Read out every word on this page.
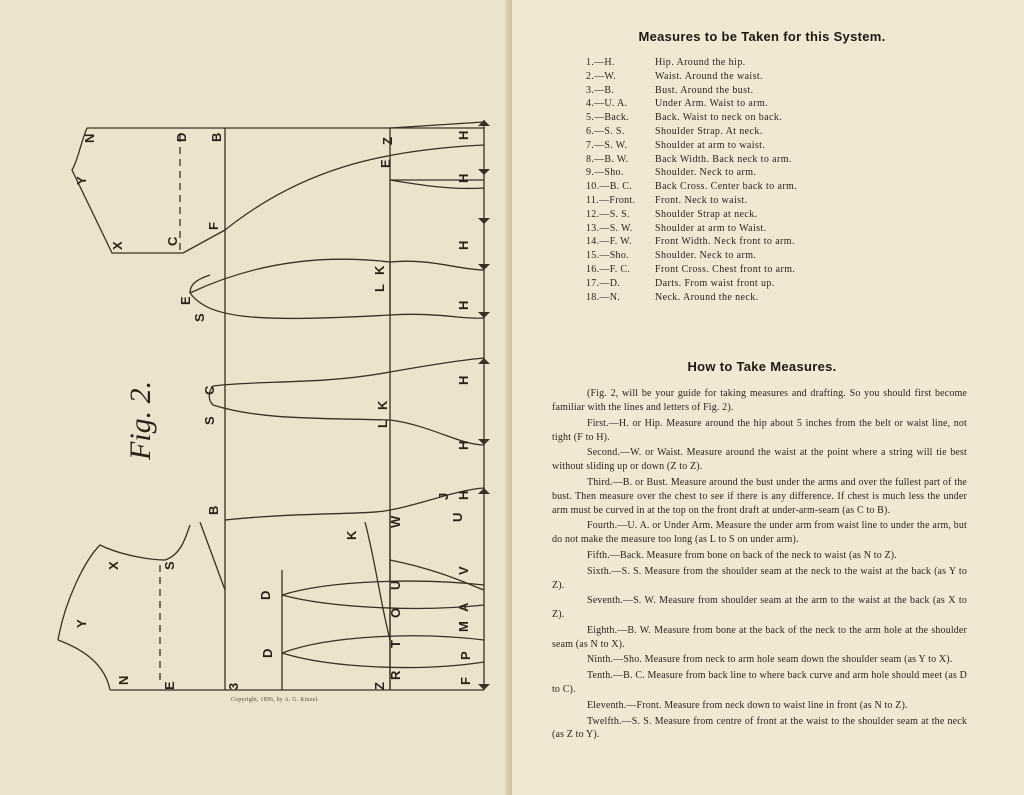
N	D B
E
Z
H
H
Y
X	C
F
H
K
L
E
S
H
C
S
K
L
H
H
J H
U
B
K
W
X	S
V
D
U
O
A
Y	M
T
D
R
P
F
N
E	3	Z
Fig. 2.
Copyright, 1896, by A. G. Kinzel.
Measures to be Taken for this System.
1.—H.	Hip. Around the hip.
2.—W.	Waist. Around the waist.
3.—B.	Bust. Around the bust.
4.—U. A.	Under Arm. Waist to arm.
5.—Back.	Back. Waist to neck on back.
6.—S. S.	Shoulder Strap. At neck.
7.—S. W.	Shoulder at arm to waist.
8.—B. W.	Back Width. Back neck to arm.
9.—Sho.	Shoulder. Neck to arm.
10.—B. C.	Back Cross. Center back to arm.
11.—Front.	Front. Neck to waist.
12.—S. S.	Shoulder Strap at neck.
13.—S. W.	Shoulder at arm to Waist.
14.—F. W.	Front Width. Neck front to arm.
15.—Sho.	Shoulder. Neck to arm.
16.—F. C.	Front Cross. Chest front to arm.
17.—D.	Darts. From waist front up.
18.—N.	Neck. Around the neck.
How to Take Measures.

(Fig. 2, will be your guide for taking measures and drafting. So you should first become familiar with the lines and letters of Fig. 2).

First.—H. or Hip. Measure around the hip about 5 inches from the belt or waist line, not tight (F to H).

Second.—W. or Waist. Measure around the waist at the point where a string will tie best without sliding up or down (Z to Z).

Third.—B. or Bust. Measure around the bust under the arms and over the fullest part of the bust. Then measure over the chest to see if there is any difference. If chest is much less the under arm must be curved in at the top on the front draft at under-arm-seam (as C to B).

Fourth.—U. A. or Under Arm. Measure the under arm from waist line to under the arm, but do not make the measure too long (as L to S on under arm).

Fifth.—Back. Measure from bone on back of the neck to waist (as N to Z).

Sixth.—S. S. Measure from the shoulder seam at the neck to the waist at the back (as Y to Z).

Seventh.—S. W. Measure from shoulder seam at the arm to the waist at the back (as X to Z).

Eighth.—B. W. Measure from bone at the back of the neck to the arm hole at the shoulder seam (as N to X).

Ninth.—Sho. Measure from neck to arm hole seam down the shoulder seam (as Y to X).

Tenth.—B. C. Measure from back line to where back curve and arm hole should meet (as D to C).

Eleventh.—Front. Measure from neck down to waist line in front (as N to Z).

Twelfth.—S. S. Measure from centre of front at the waist to the shoulder seam at the neck (as Z to Y).
